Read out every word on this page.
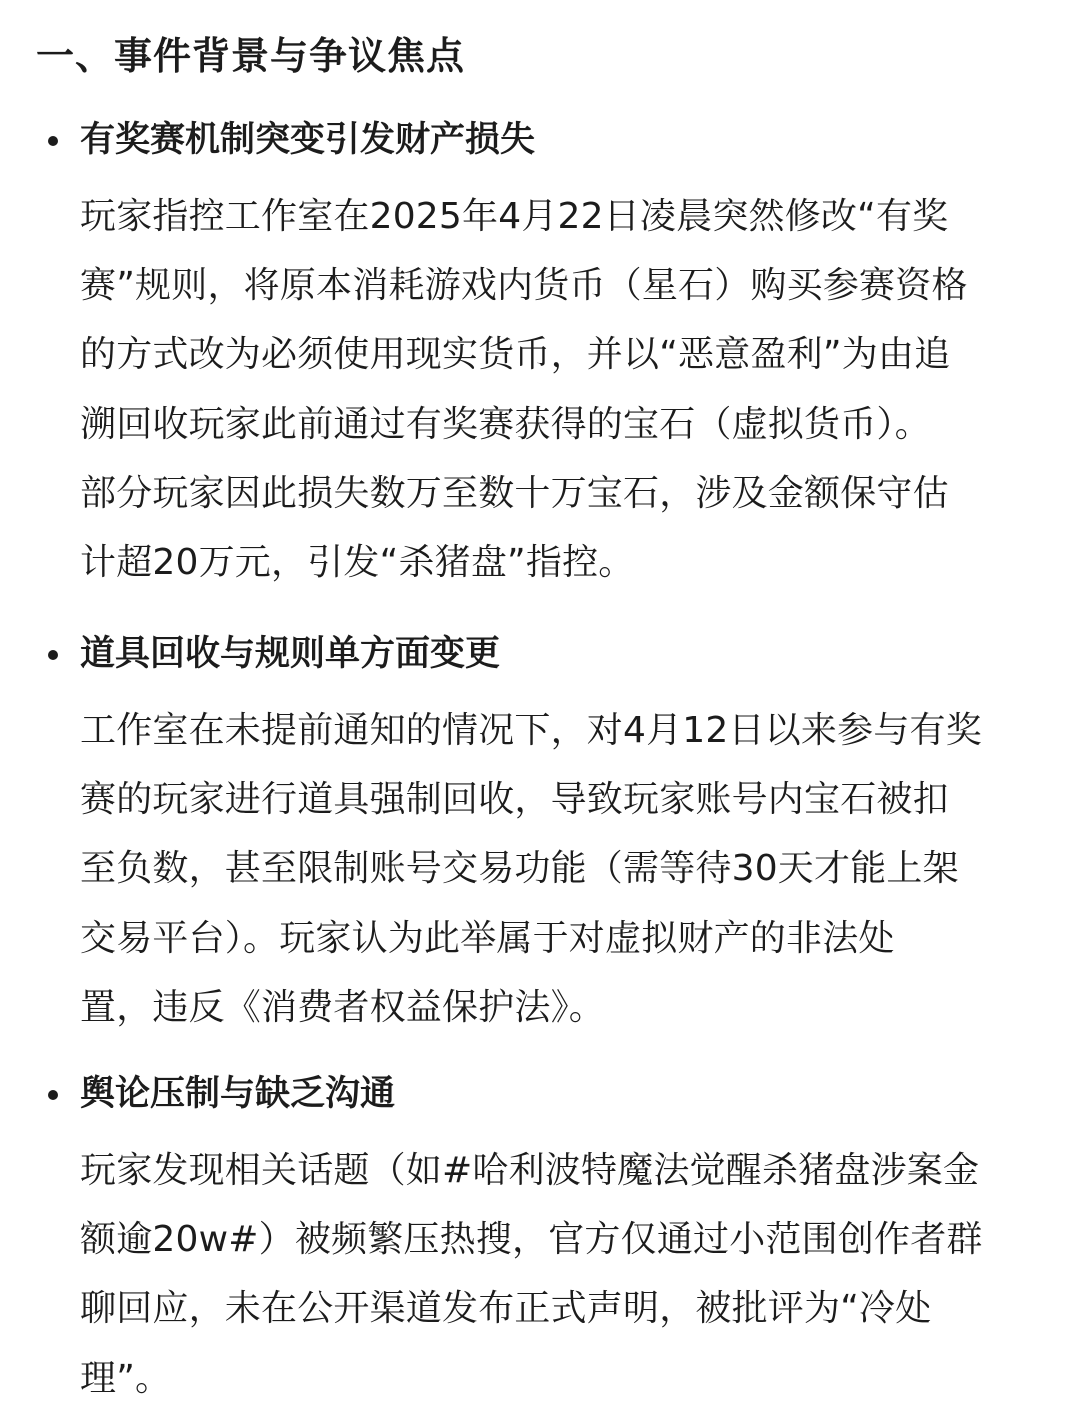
一、事件背景与争议焦点
有奖赛机制突变引发财产损失
玩家指控工作室在2025年4月22日凌晨突然修改“有奖
赛”规则，将原本消耗游戏内货币（星石）购买参赛资格
的方式改为必须使用现实货币，并以“恶意盈利”为由追
溯回收玩家此前通过有奖赛获得的宝石（虚拟货币）。
部分玩家因此损失数万至数十万宝石，涉及金额保守估
计超20万元，引发“杀猪盘”指控。
道具回收与规则单方面变更
工作室在未提前通知的情况下，对4月12日以来参与有奖
赛的玩家进行道具强制回收，导致玩家账号内宝石被扣
至负数，甚至限制账号交易功能（需等待30天才能上架
交易平台）。玩家认为此举属于对虚拟财产的非法处
置，违反《消费者权益保护法》。
舆论压制与缺乏沟通
玩家发现相关话题（如#哈利波特魔法觉醒杀猪盘涉案金
额逾20w#）被频繁压热搜，官方仅通过小范围创作者群
聊回应，未在公开渠道发布正式声明，被批评为“冷处
理”。
